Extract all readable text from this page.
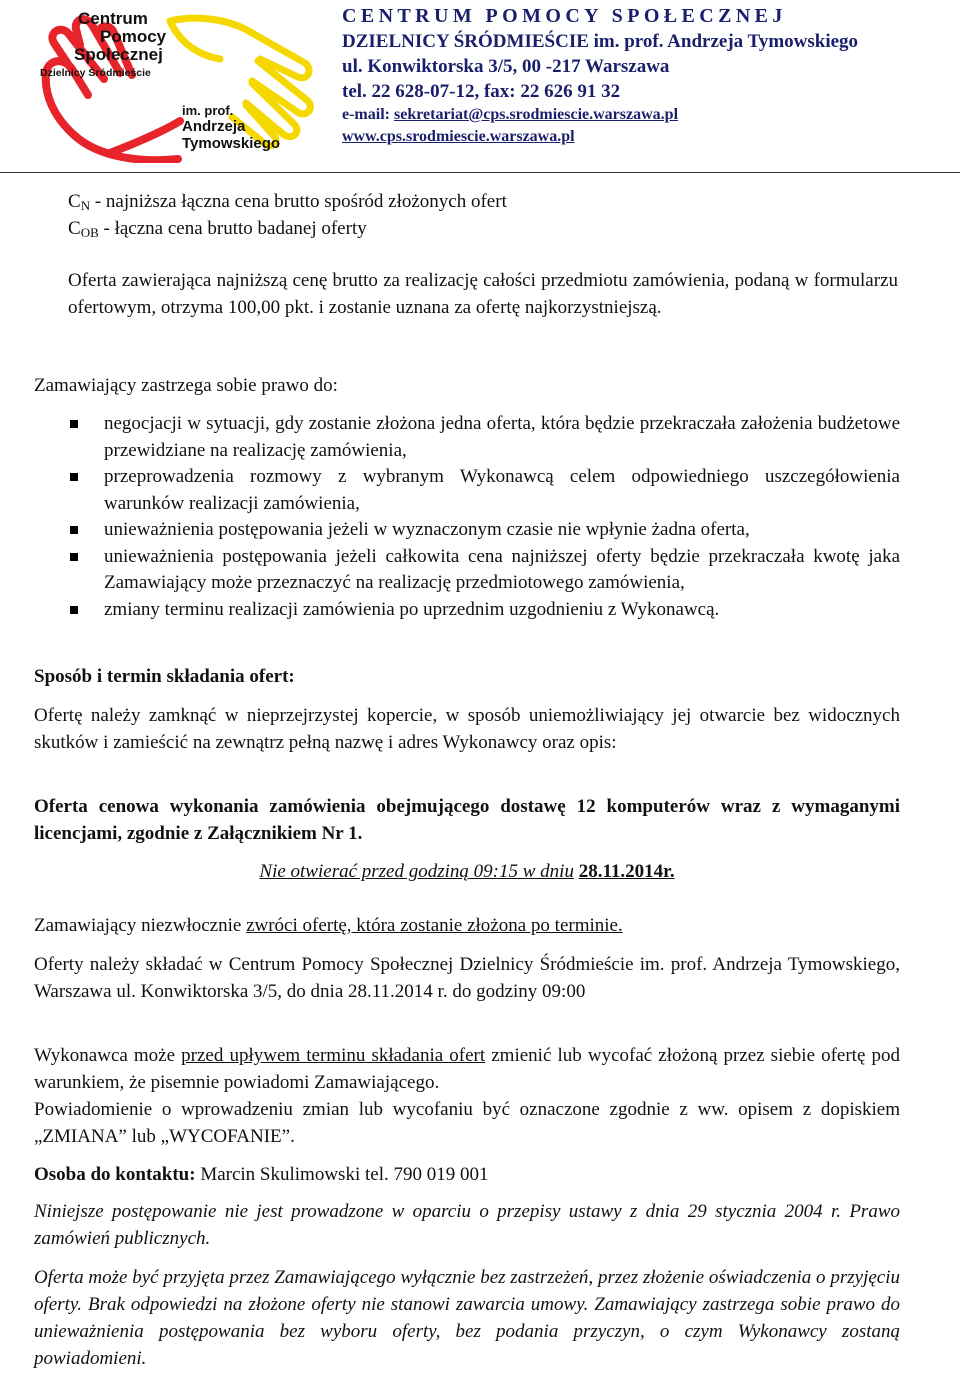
Centrum
Pomocy
Społecznej
Dzielnicy Śródmieście
im. prof.
Andrzeja
Tymowskiego
CENTRUM POMOCY SPOŁECZNEJ
DZIELNICY ŚRÓDMIEŚCIE im. prof. Andrzeja Tymowskiego
ul. Konwiktorska 3/5, 00 -217 Warszawa
tel. 22 628-07-12, fax: 22 626 91 32
e-mail: sekretariat@cps.srodmiescie.warszawa.pl
www.cps.srodmiescie.warszawa.pl
$C_N$ - najniższa łączna cena brutto spośród złożonych ofert
$C_{OB}$ - łączna cena brutto badanej oferty
Oferta zawierająca najniższą cenę brutto za realizację całości przedmiotu zamówienia, podaną w formularzu ofertowym, otrzyma 100,00 pkt. i zostanie uznana za ofertę najkorzystniejszą.
Zamawiający zastrzega sobie prawo do:
negocjacji w sytuacji, gdy zostanie złożona jedna oferta, która będzie przekraczała założenia budżetowe przewidziane na realizację zamówienia,
przeprowadzenia rozmowy z wybranym Wykonawcą celem odpowiedniego uszczegółowienia warunków realizacji zamówienia,
unieważnienia postępowania jeżeli w wyznaczonym czasie nie wpłynie żadna oferta,
unieważnienia postępowania jeżeli całkowita cena najniższej oferty będzie przekraczała kwotę jaka Zamawiający może przeznaczyć na realizację przedmiotowego zamówienia,
zmiany terminu realizacji zamówienia po uprzednim uzgodnieniu z Wykonawcą.
Sposób i termin składania ofert:
Ofertę należy zamknąć w nieprzejrzystej kopercie, w sposób uniemożliwiający jej otwarcie bez widocznych skutków i zamieścić na zewnątrz pełną nazwę i adres Wykonawcy oraz opis:
Oferta cenowa wykonania zamówienia obejmującego dostawę 12 komputerów wraz z wymaganymi licencjami, zgodnie z Załącznikiem Nr 1.
Nie otwierać przed godziną 09:15 w dniu 28.11.2014r.
Zamawiający niezwłocznie zwróci ofertę, która zostanie złożona po terminie.
Oferty należy składać w Centrum Pomocy Społecznej Dzielnicy Śródmieście im. prof. Andrzeja Tymowskiego, Warszawa ul. Konwiktorska 3/5, do dnia 28.11.2014 r. do godziny 09:00
Wykonawca może przed upływem terminu składania ofert zmienić lub wycofać złożoną przez siebie ofertę pod warunkiem, że pisemnie powiadomi Zamawiającego.
Powiadomienie o wprowadzeniu zmian lub wycofaniu być oznaczone zgodnie z ww. opisem z dopiskiem „ZMIANA” lub „WYCOFANIE”.
Osoba do kontaktu: Marcin Skulimowski tel. 790 019 001
Niniejsze postępowanie nie jest prowadzone w oparciu o przepisy ustawy z dnia 29 stycznia 2004 r. Prawo zamówień publicznych.
Oferta może być przyjęta przez Zamawiającego wyłącznie bez zastrzeżeń, przez złożenie oświadczenia o przyjęciu oferty. Brak odpowiedzi na złożone oferty nie stanowi zawarcia umowy. Zamawiający zastrzega sobie prawo do unieważnienia postępowania bez wyboru oferty, bez podania przyczyn, o czym Wykonawcy zostaną powiadomieni.
